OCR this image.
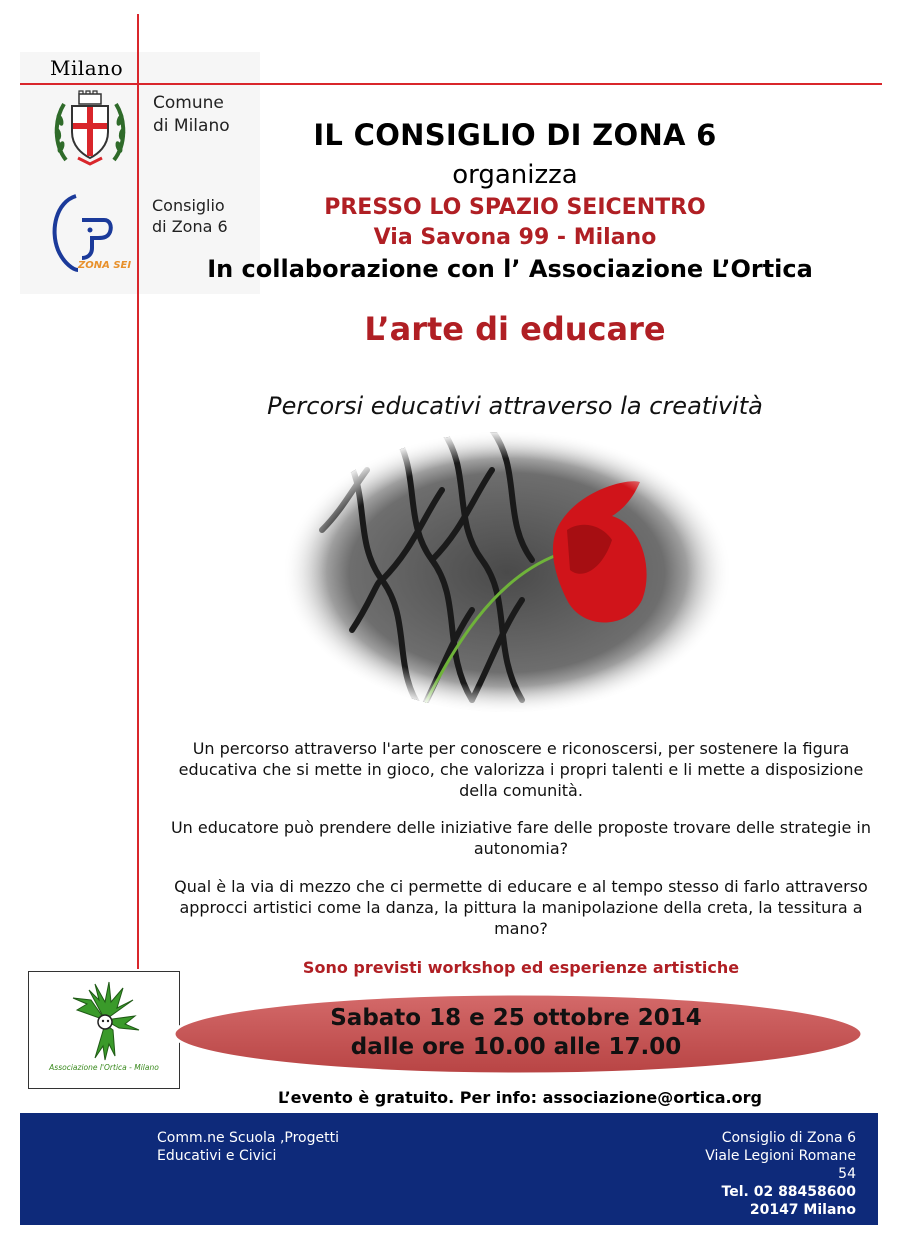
Milano
Comune
di Milano
ZONA SEI
Consiglio
di Zona 6
IL CONSIGLIO DI ZONA 6
organizza
PRESSO LO SPAZIO SEICENTRO
Via Savona 99 - Milano
In collaborazione con l’ Associazione L’Ortica
L’arte di educare
Percorsi educativi attraverso la creatività
Un percorso attraverso l'arte per conoscere e riconoscersi, per sostenere la figura educativa che si mette in gioco, che valorizza i propri talenti e li mette a disposizione della comunità.
Un educatore può prendere delle iniziative fare delle proposte trovare delle strategie in autonomia?
Qual è la via di mezzo che ci permette di educare e al tempo stesso di farlo attraverso approcci artistici come la danza, la pittura la manipolazione della creta, la tessitura a mano?
Sono previsti workshop ed esperienze artistiche
Associazione l'Ortica - Milano
Sabato 18 e 25 ottobre 2014
dalle ore 10.00 alle 17.00
L’evento è gratuito. Per info: associazione@ortica.org
Comm.ne Scuola ,Progetti
Educativi e Civici
Consiglio di Zona 6
Viale Legioni Romane
54
Tel. 02 88458600
20147 Milano
